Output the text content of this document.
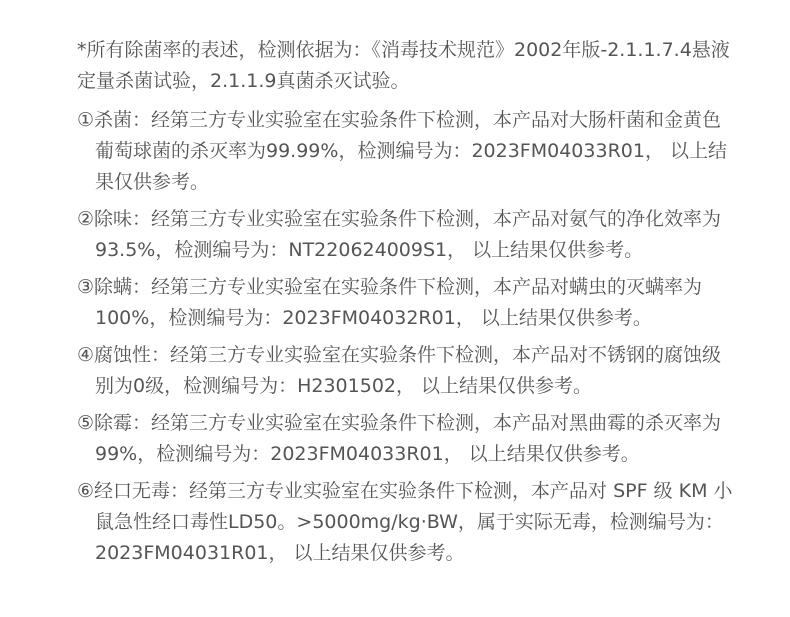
*所有除菌率的表述，检测依据为：《消毒技术规范》2002年版-2.1.1.7.4悬液定量杀菌试验，2.1.1.9真菌杀灭试验。

①杀菌：经第三方专业实验室在实验条件下检测，本产品对大肠杆菌和金黄色葡萄球菌的杀灭率为99.99%，检测编号为：2023FM04033R01， 以上结果仅供参考。

②除味：经第三方专业实验室在实验条件下检测，本产品对氨气的净化效率为93.5%，检测编号为：NT220624009S1， 以上结果仅供参考。

③除螨：经第三方专业实验室在实验条件下检测，本产品对螨虫的灭螨率为100%，检测编号为：2023FM04032R01， 以上结果仅供参考。

④腐蚀性：经第三方专业实验室在实验条件下检测，本产品对不锈钢的腐蚀级别为0级，检测编号为：H2301502， 以上结果仅供参考。

⑤除霉：经第三方专业实验室在实验条件下检测，本产品对黑曲霉的杀灭率为99%，检测编号为：2023FM04033R01， 以上结果仅供参考。

⑥经口无毒：经第三方专业实验室在实验条件下检测，本产品对 SPF 级 KM 小鼠急性经口毒性LD50。>5000mg/kg·BW，属于实际无毒，检测编号为：2023FM04031R01， 以上结果仅供参考。
